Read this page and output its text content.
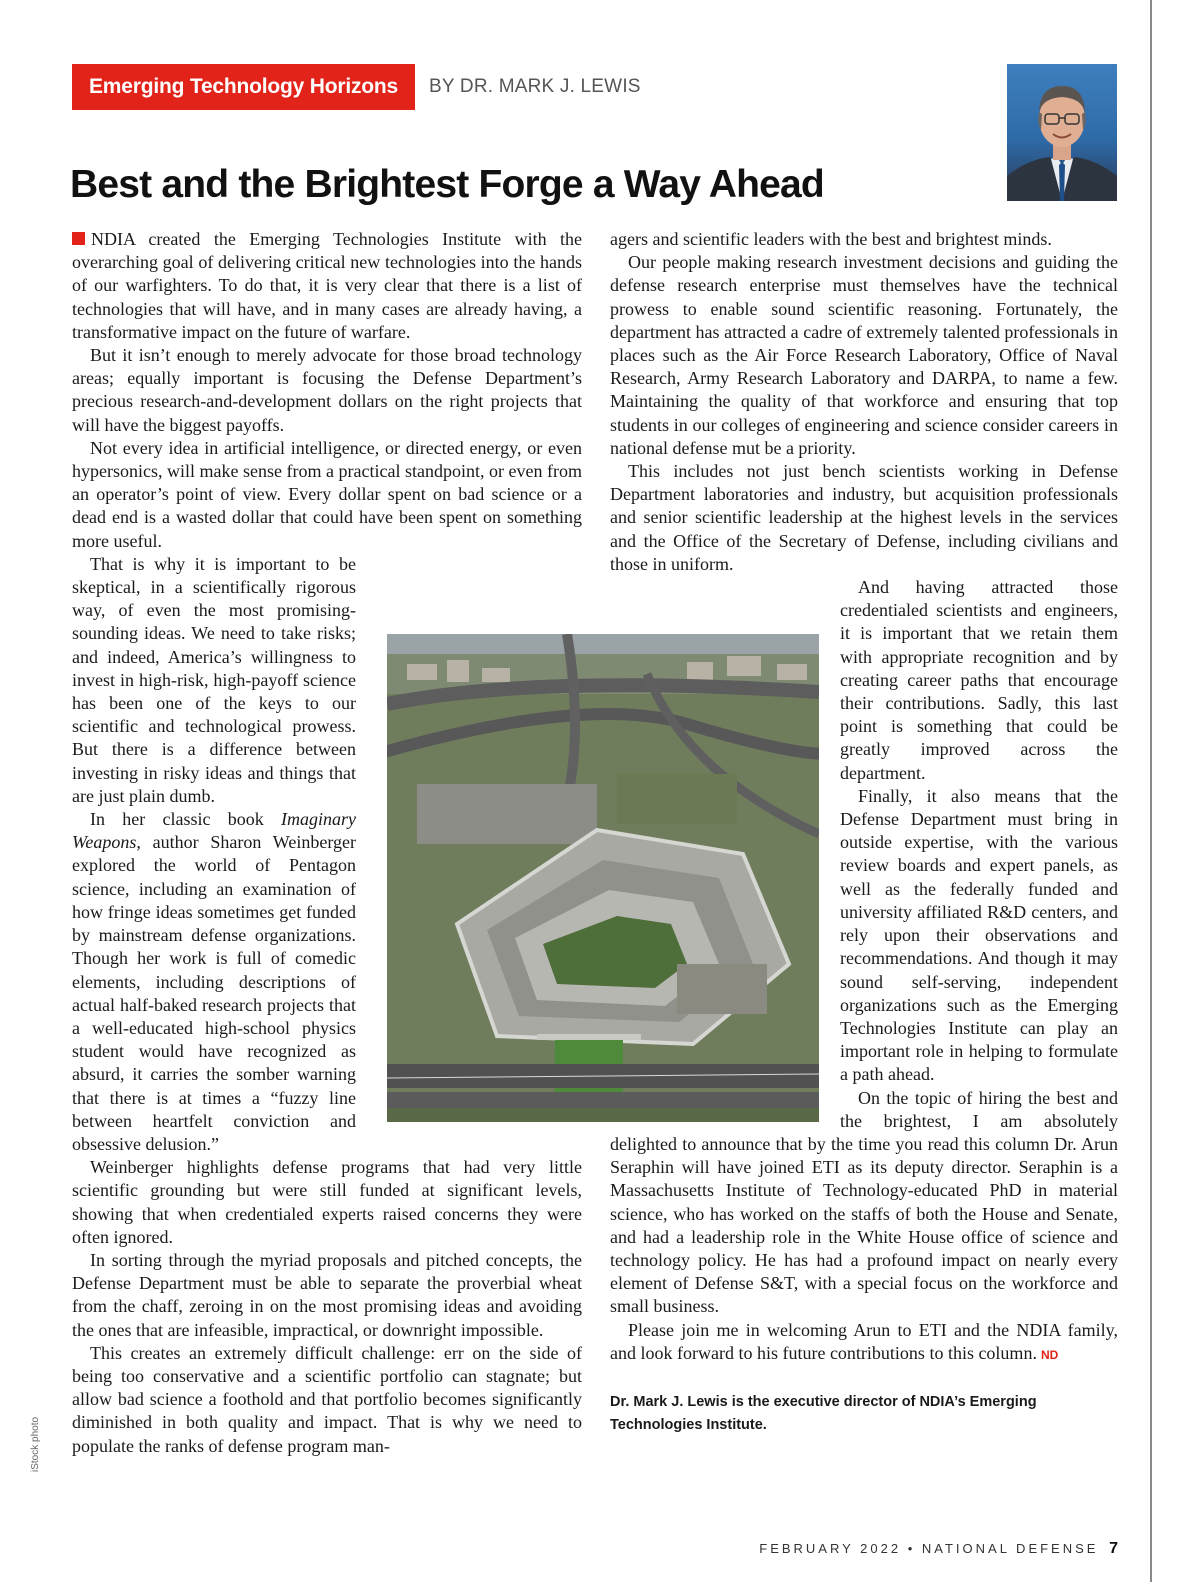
Emerging Technology Horizons	BY DR. MARK J. LEWIS
Best and the Brightest Forge a Way Ahead

NDIA created the Emerging Technologies Institute with the overarching goal of delivering critical new technologies into the hands of our warfighters. To do that, it is very clear that there is a list of technologies that will have, and in many cases are already having, a transformative impact on the future of warfare.

But it isn’t enough to merely advocate for those broad technology areas; equally important is focusing the Defense Department’s precious research-and-development dollars on the right projects that will have the biggest payoffs.

Not every idea in artificial intelligence, or directed energy, or even hypersonics, will make sense from a practical standpoint, or even from an operator’s point of view. Every dollar spent on bad science or a dead end is a wasted dollar that could have been spent on something more useful.

That is why it is important to be skeptical, in a scientifically rigorous way, of even the most promising-sounding ideas. We need to take risks; and indeed, America’s willingness to invest in high-risk, high-payoff science has been one of the keys to our scientific and technological prowess. But there is a difference between investing in risky ideas and things that are just plain dumb.

In her classic book Imaginary Weapons, author Sharon Weinberger explored the world of Pentagon science, including an examination of how fringe ideas sometimes get funded by mainstream defense organizations. Though her work is full of comedic elements, including descriptions of actual half-baked research projects that a well-educated high-school physics student would have recognized as absurd, it carries the somber warning that there is at times a “fuzzy line between heartfelt conviction and obsessive delusion.”

Weinberger highlights defense programs that had very little scientific grounding but were still funded at significant levels, showing that when credentialed experts raised concerns they were often ignored.

In sorting through the myriad proposals and pitched concepts, the Defense Department must be able to separate the proverbial wheat from the chaff, zeroing in on the most promising ideas and avoiding the ones that are infeasible, impractical, or downright impossible.

This creates an extremely difficult challenge: err on the side of being too conservative and a scientific portfolio can stagnate; but allow bad science a foothold and that portfolio becomes significantly diminished in both quality and impact. That is why we need to populate the ranks of defense program man-

agers and scientific leaders with the best and brightest minds.

Our people making research investment decisions and guiding the defense research enterprise must themselves have the technical prowess to enable sound scientific reasoning. Fortunately, the department has attracted a cadre of extremely talented professionals in places such as the Air Force Research Laboratory, Office of Naval Research, Army Research Laboratory and DARPA, to name a few. Maintaining the quality of that workforce and ensuring that top students in our colleges of engineering and science consider careers in national defense mut be a priority.

This includes not just bench scientists working in Defense Department laboratories and industry, but acquisition professionals and senior scientific leadership at the highest levels in the services and the Office of the Secretary of Defense, including civilians and those in uniform.

And having attracted those credentialed scientists and engineers, it is important that we retain them with appropriate recognition and by creating career paths that encourage their contributions. Sadly, this last point is something that could be greatly improved across the department.

Finally, it also means that the Defense Department must bring in outside expertise, with the various review boards and expert panels, as well as the federally funded and university affiliated R&D centers, and rely upon their observations and recommendations. And though it may sound self-serving, independent organizations such as the Emerging Technologies Institute can play an important role in helping to formulate a path ahead.

On the topic of hiring the best and the brightest, I am absolutely delighted to announce that by the time you read this column Dr. Arun Seraphin will have joined ETI as its deputy director. Seraphin is a Massachusetts Institute of Technology-educated PhD in material science, who has worked on the staffs of both the House and Senate, and had a leadership role in the White House office of science and technology policy. He has had a profound impact on nearly every element of Defense S&T, with a special focus on the workforce and small business.

Please join me in welcoming Arun to ETI and the NDIA family, and look forward to his future contributions to this column. ND

Dr. Mark J. Lewis is the executive director of NDIA’s Emerging Technologies Institute.

iStock photo
FEBRUARY 2022 • NATIONAL DEFENSE 7
